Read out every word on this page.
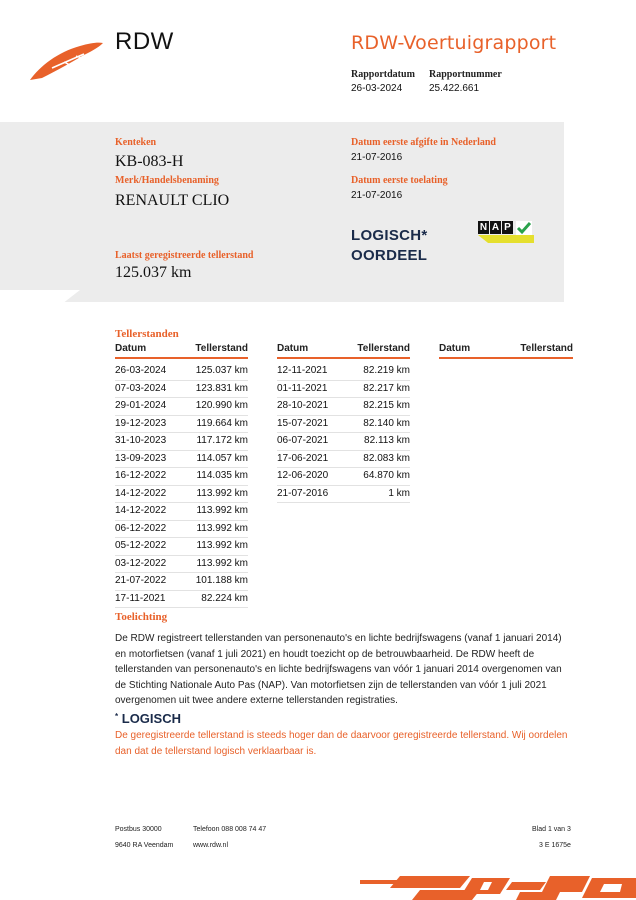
RDW	RDW-Voertuigrapport
Rapportdatum
26-03-2024
Rapportnummer
25.422.661
Kenteken
KB-083-H
Merk/Handelsbenaming
RENAULT CLIO
Laatst geregistreerde tellerstand
125.037 km
Datum eerste afgifte in Nederland
21-07-2016
Datum eerste toelating
21-07-2016
LOGISCH*
OORDEEL
N A P
Tellerstanden
Datum	Tellerstand
26-03-2024	125.037 km
07-03-2024	123.831 km
29-01-2024	120.990 km
19-12-2023	119.664 km
31-10-2023	117.172 km
13-09-2023	114.057 km
16-12-2022	114.035 km
14-12-2022	113.992 km
14-12-2022	113.992 km
06-12-2022	113.992 km
05-12-2022	113.992 km
03-12-2022	113.992 km
21-07-2022	101.188 km
17-11-2021	82.224 km
Datum	Tellerstand
12-11-2021	82.219 km
01-11-2021	82.217 km
28-10-2021	82.215 km
15-07-2021	82.140 km
06-07-2021	82.113 km
17-06-2021	82.083 km
12-06-2020	64.870 km
21-07-2016	1 km
Datum	Tellerstand
Toelichting
De RDW registreert tellerstanden van personenauto's en lichte bedrijfswagens (vanaf 1 januari 2014) en motorfietsen (vanaf 1 juli 2021) en houdt toezicht op de betrouwbaarheid. De RDW heeft de tellerstanden van personenauto's en lichte bedrijfswagens van vóór 1 januari 2014 overgenomen van de Stichting Nationale Auto Pas (NAP). Van motorfietsen zijn de tellerstanden van vóór 1 juli 2021 overgenomen uit twee andere externe tellerstanden registraties.
* LOGISCH
De geregistreerde tellerstand is steeds hoger dan de daarvoor geregistreerde tellerstand. Wij oordelen dan dat de tellerstand logisch verklaarbaar is.
Postbus 30000
9640 RA Veendam
Telefoon 088 008 74 47
www.rdw.nl
Blad 1 van 3
3 E 1675e
